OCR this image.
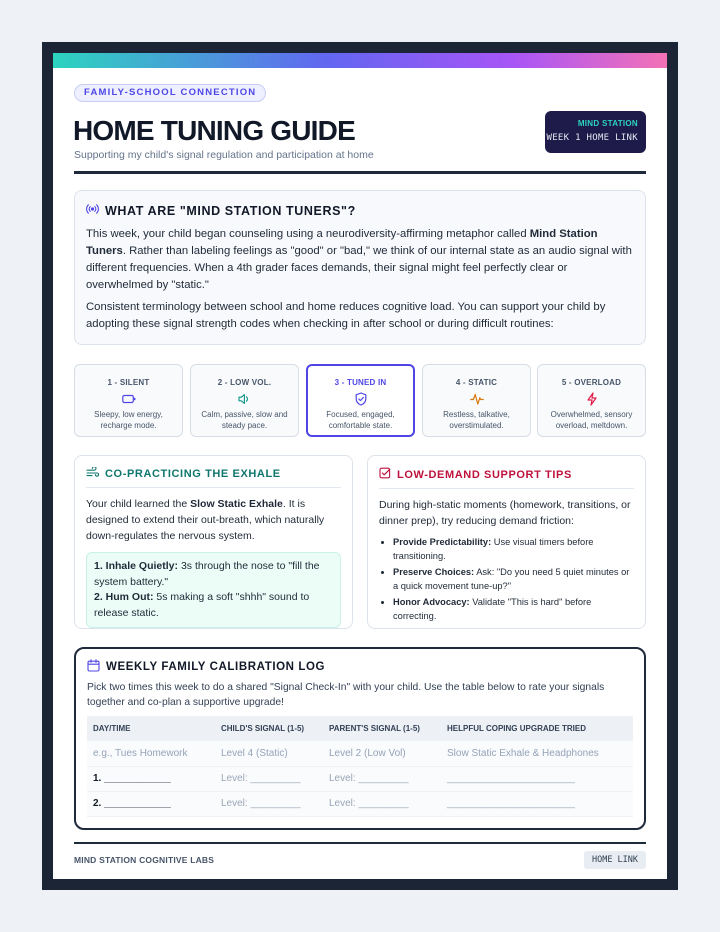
FAMILY-SCHOOL CONNECTION
HOME TUNING GUIDE
Supporting my child's signal regulation and participation at home
MIND STATION
WEEK 1 HOME LINK
WHAT ARE "MIND STATION TUNERS"?

This week, your child began counseling using a neurodiversity-affirming metaphor called Mind Station Tuners. Rather than labeling feelings as "good" or "bad," we think of our internal state as an audio signal with different frequencies. When a 4th grader faces demands, their signal might feel perfectly clear or overwhelmed by "static."

Consistent terminology between school and home reduces cognitive load. You can support your child by adopting these signal strength codes when checking in after school or during difficult routines:

1 - SILENT
Sleepy, low energy, recharge mode.
2 - LOW VOL.
Calm, passive, slow and steady pace.
3 - TUNED IN
Focused, engaged, comfortable state.
4 - STATIC
Restless, talkative, overstimulated.
5 - OVERLOAD
Overwhelmed, sensory overload, meltdown.
CO-PRACTICING THE EXHALE

Your child learned the Slow Static Exhale. It is designed to extend their out-breath, which naturally down-regulates the nervous system.

1. Inhale Quietly: 3s through the nose to "fill the system battery."
2. Hum Out: 5s making a soft "shhh" sound to release static.
LOW-DEMAND SUPPORT TIPS

During high-static moments (homework, transitions, or dinner prep), try reducing demand friction:

• Provide Predictability: Use visual timers before transitioning.
• Preserve Choices: Ask: "Do you need 5 quiet minutes or a quick movement tune-up?"
• Honor Advocacy: Validate "This is hard" before correcting.
WEEKLY FAMILY CALIBRATION LOG

Pick two times this week to do a shared "Signal Check-In" with your child. Use the table below to rate your signals together and co-plan a supportive upgrade!

DAY/TIME	CHILD'S SIGNAL (1-5)	PARENT'S SIGNAL (1-5)	HELPFUL COPING UPGRADE TRIED
e.g., Tues Homework	Level 4 (Static)	Level 2 (Low Vol)	Slow Static Exhale & Headphones
1. ____________	Level: _________	Level: _________	_______________________
2. ____________	Level: _________	Level: _________	_______________________
MIND STATION COGNITIVE LABS	HOME LINK
